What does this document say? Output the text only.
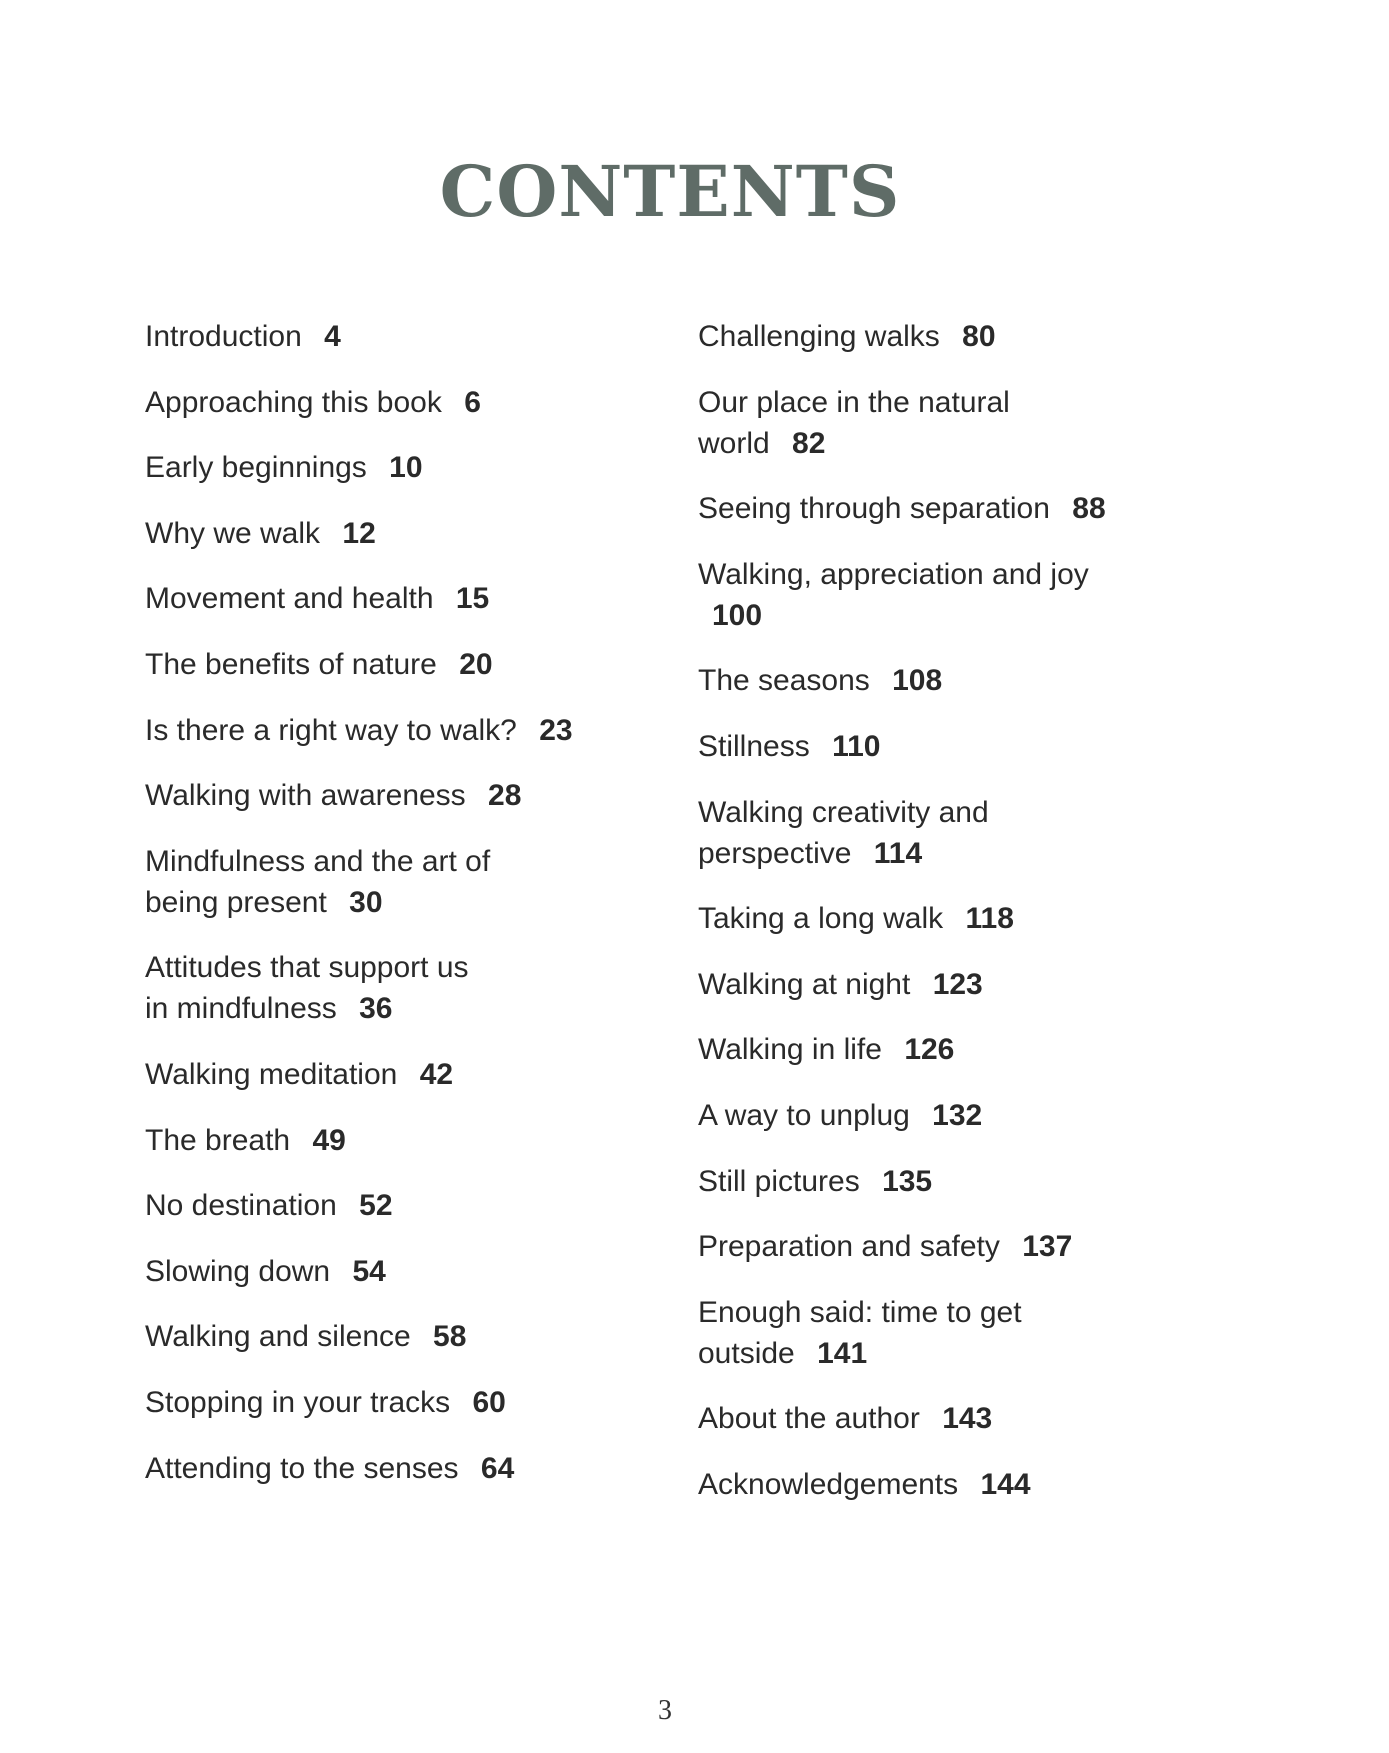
CONTENTS
Introduction 4
Approaching this book 6
Early beginnings 10
Why we walk 12
Movement and health 15
The benefits of nature 20
Is there a right way to walk? 23
Walking with awareness 28
Mindfulness and the art of being present 30
Attitudes that support us in mindfulness 36
Walking meditation 42
The breath 49
No destination 52
Slowing down 54
Walking and silence 58
Stopping in your tracks 60
Attending to the senses 64
Challenging walks 80
Our place in the natural world 82
Seeing through separation 88
Walking, appreciation and joy 100
The seasons 108
Stillness 110
Walking creativity and perspective 114
Taking a long walk 118
Walking at night 123
Walking in life 126
A way to unplug 132
Still pictures 135
Preparation and safety 137
Enough said: time to get outside 141
About the author 143
Acknowledgements 144
3
